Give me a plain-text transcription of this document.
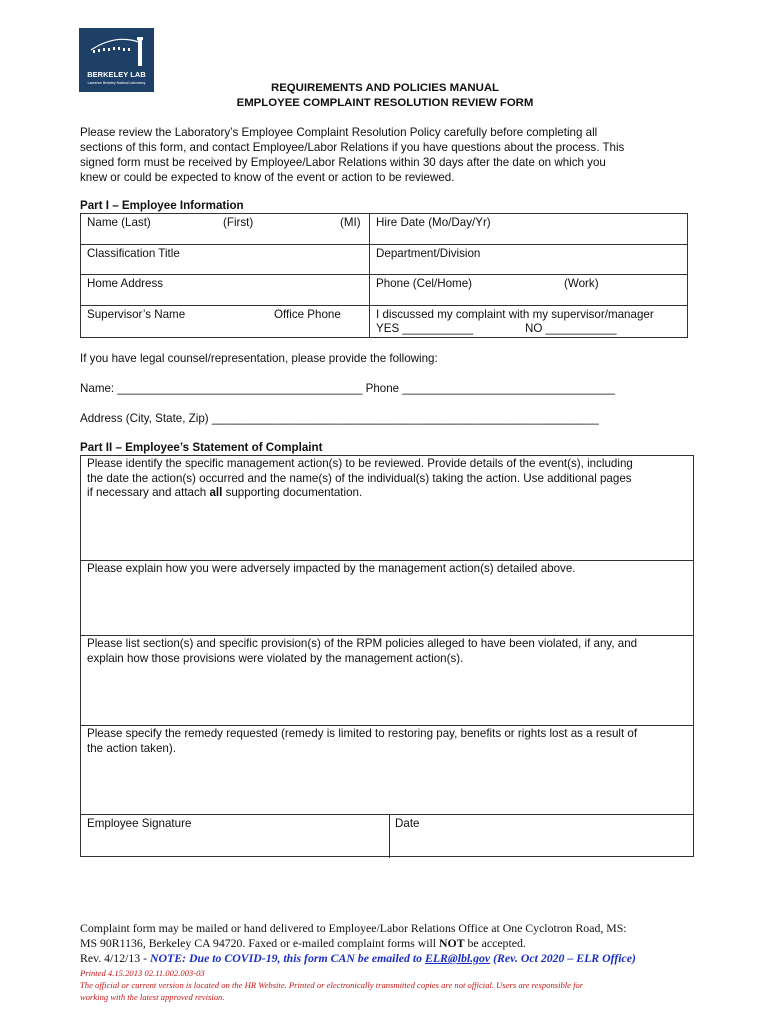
BERKELEY LAB
Lawrence Berkeley National Laboratory	REQUIREMENTS AND POLICIES MANUAL
EMPLOYEE COMPLAINT RESOLUTION REVIEW FORM
Please review the Laboratory’s Employee Complaint Resolution Policy carefully before completing all
sections of this form, and contact Employee/Labor Relations if you have questions about the process. This
signed form must be received by Employee/Labor Relations within 30 days after the date on which you
knew or could be expected to know of the event or action to be reviewed.
Part I – Employee Information
Name (Last)	(First)	(MI) Hire Date (Mo/Day/Yr)
Classification Title	Department/Division
Home Address	Phone (Cel/Home)	(Work)
Supervisor’s Name	Office Phone	I discussed my complaint with my supervisor/manager
YES ___________	NO ___________
If you have legal counsel/representation, please provide the following:
Name: ______________________________________ Phone _________________________________
Address (City, State, Zip) ____________________________________________________________
Part II – Employee’s Statement of Complaint
Please identify the specific management action(s) to be reviewed. Provide details of the event(s), including
the date the action(s) occurred and the name(s) of the individual(s) taking the action. Use additional pages
if necessary and attach all supporting documentation.
Please explain how you were adversely impacted by the management action(s) detailed above.
Please list section(s) and specific provision(s) of the RPM policies alleged to have been violated, if any, and
explain how those provisions were violated by the management action(s).
Please specify the remedy requested (remedy is limited to restoring pay, benefits or rights lost as a result of
the action taken).
Employee Signature	Date
Complaint form may be mailed or hand delivered to Employee/Labor Relations Office at One Cyclotron Road, MS:
MS 90R1136, Berkeley CA 94720. Faxed or e-mailed complaint forms will NOT be accepted.
Rev. 4/12/13 - NOTE: Due to COVID-19, this form CAN be emailed to ELR@lbl.gov (Rev. Oct 2020 – ELR Office)
Printed 4.15.2013 02.11.002.003-03
The official or current version is located on the HR Website. Printed or electronically transmitted copies are not official. Users are responsible for
working with the latest approved revision.
